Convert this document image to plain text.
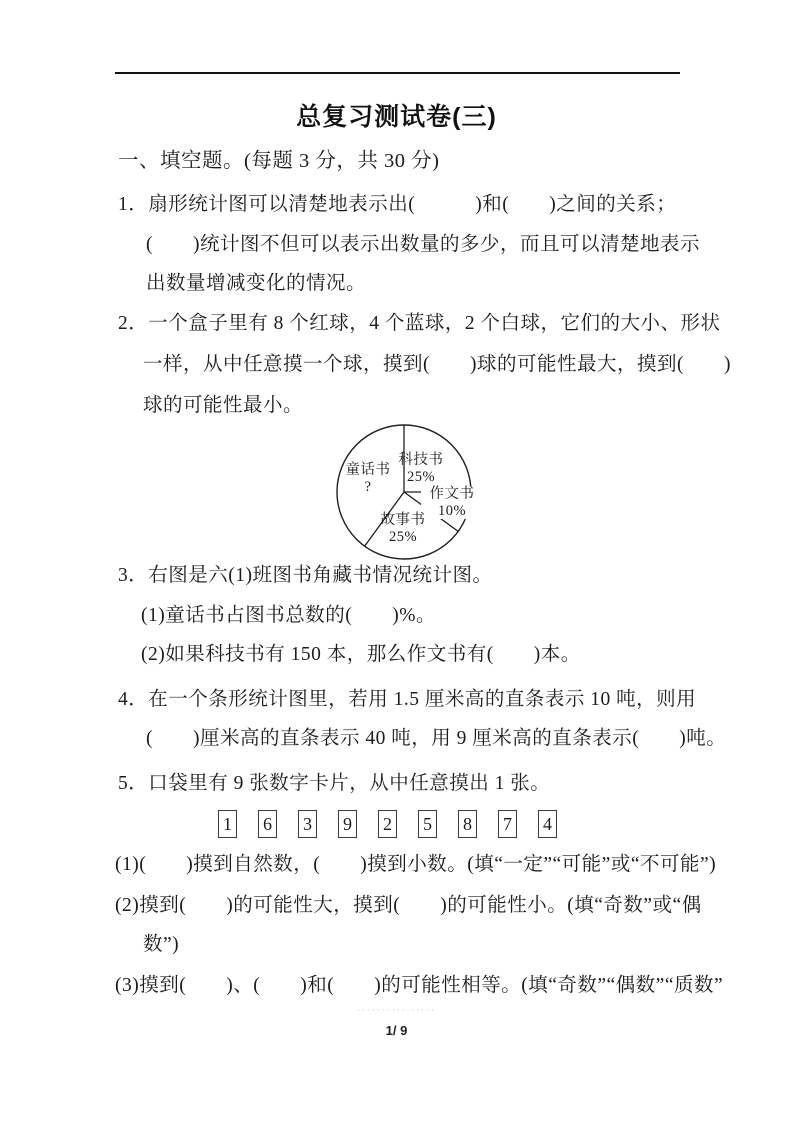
总复习测试卷(三)
一、填空题。(每题 3 分，共 30 分)
1．扇形统计图可以清楚地表示出(　　　)和(　　)之间的关系；
(　　)统计图不但可以表示出数量的多少，而且可以清楚地表示
出数量增减变化的情况。
2．一个盒子里有 8 个红球，4 个蓝球，2 个白球，它们的大小、形状
一样，从中任意摸一个球，摸到(　　)球的可能性最大，摸到(　　)
球的可能性最小。
科技书
25%
作文书
10%
故事书
25%
童话书
?
3．右图是六(1)班图书角藏书情况统计图。
(1)童话书占图书总数的(　　)%。
(2)如果科技书有 150 本，那么作文书有(　　)本。
4．在一个条形统计图里，若用 1.5 厘米高的直条表示 10 吨，则用
(　　)厘米高的直条表示 40 吨，用 9 厘米高的直条表示(　　)吨。
5．口袋里有 9 张数字卡片，从中任意摸出 1 张。
1 6 3 9 2 5 8 7 4
(1)(　　)摸到自然数，(　　)摸到小数。(填“一定”“可能”或“不可能”)
(2)摸到(　　)的可能性大，摸到(　　)的可能性小。(填“奇数”或“偶
数”)
(3)摸到(　　)、(　　)和(　　)的可能性相等。(填“奇数”“偶数”“质数”
·········· ·····
1/ 9
